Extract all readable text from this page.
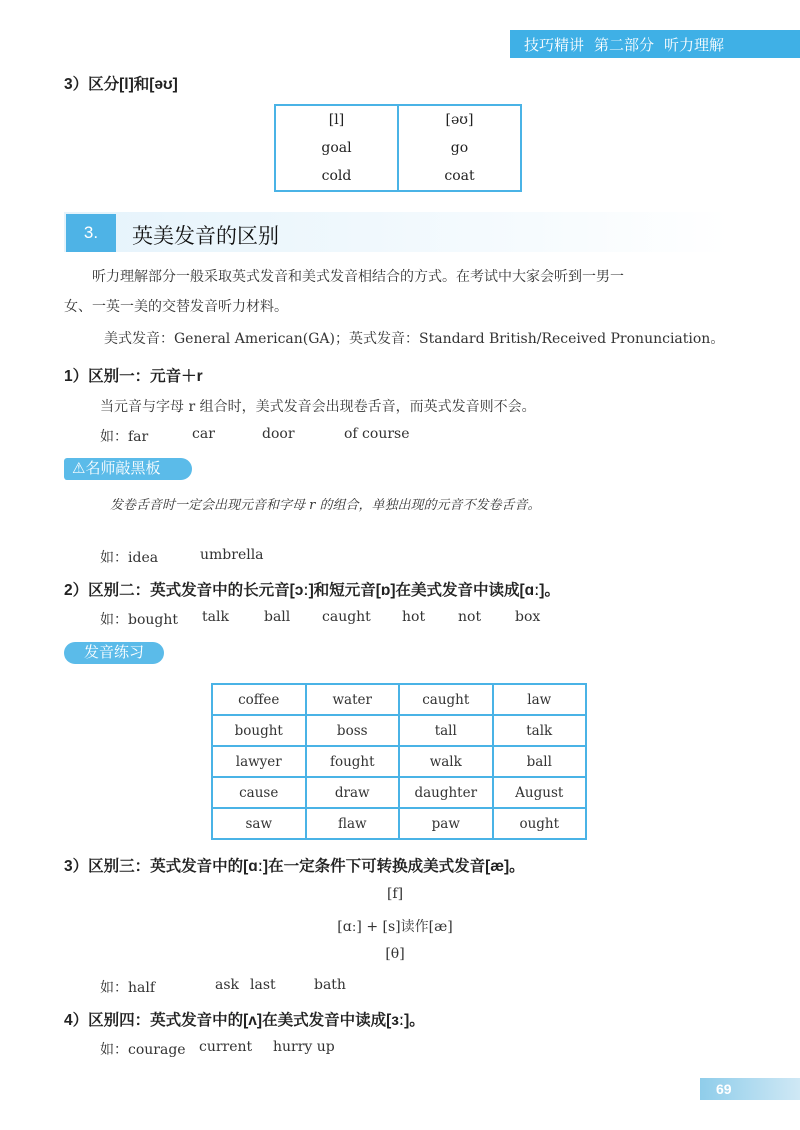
技巧精讲 第二部分 听力理解
3）区分[l]和[əʊ]
[l]	[əʊ]
goal	go
cold	coat
3.	英美发音的区别
听力理解部分一般采取英式发音和美式发音相结合的方式。在考试中大家会听到一男一
女、一英一美的交替发音听力材料。
美式发音：General American(GA)；英式发音：Standard British/Received Pronunciation。
1）区别一：元音＋r
当元音与字母 r 组合时，美式发音会出现卷舌音，而英式发音则不会。
如：far	car	door	of course
⚠名师敲黑板
发卷舌音时一定会出现元音和字母 r 的组合，单独出现的元音不发卷舌音。
如：idea	umbrella
2）区别二：英式发音中的长元音[ɔː]和短元音[ɒ]在美式发音中读成[ɑː]。
如：bought talk	ball caught hot not box
发音练习
coffee	water	caught	law
bought	boss	tall	talk
lawyer	fought	walk	ball
cause	draw	daughter	August
saw	flaw	paw	ought
3）区别三：英式发音中的[ɑː]在一定条件下可转换成美式发音[æ]。
[f]
[ɑː] + [s]读作[æ]
[θ]
如：half	ask last	bath
4）区别四：英式发音中的[ʌ]在美式发音中读成[ɜː]。
如：courage current hurry up
69
